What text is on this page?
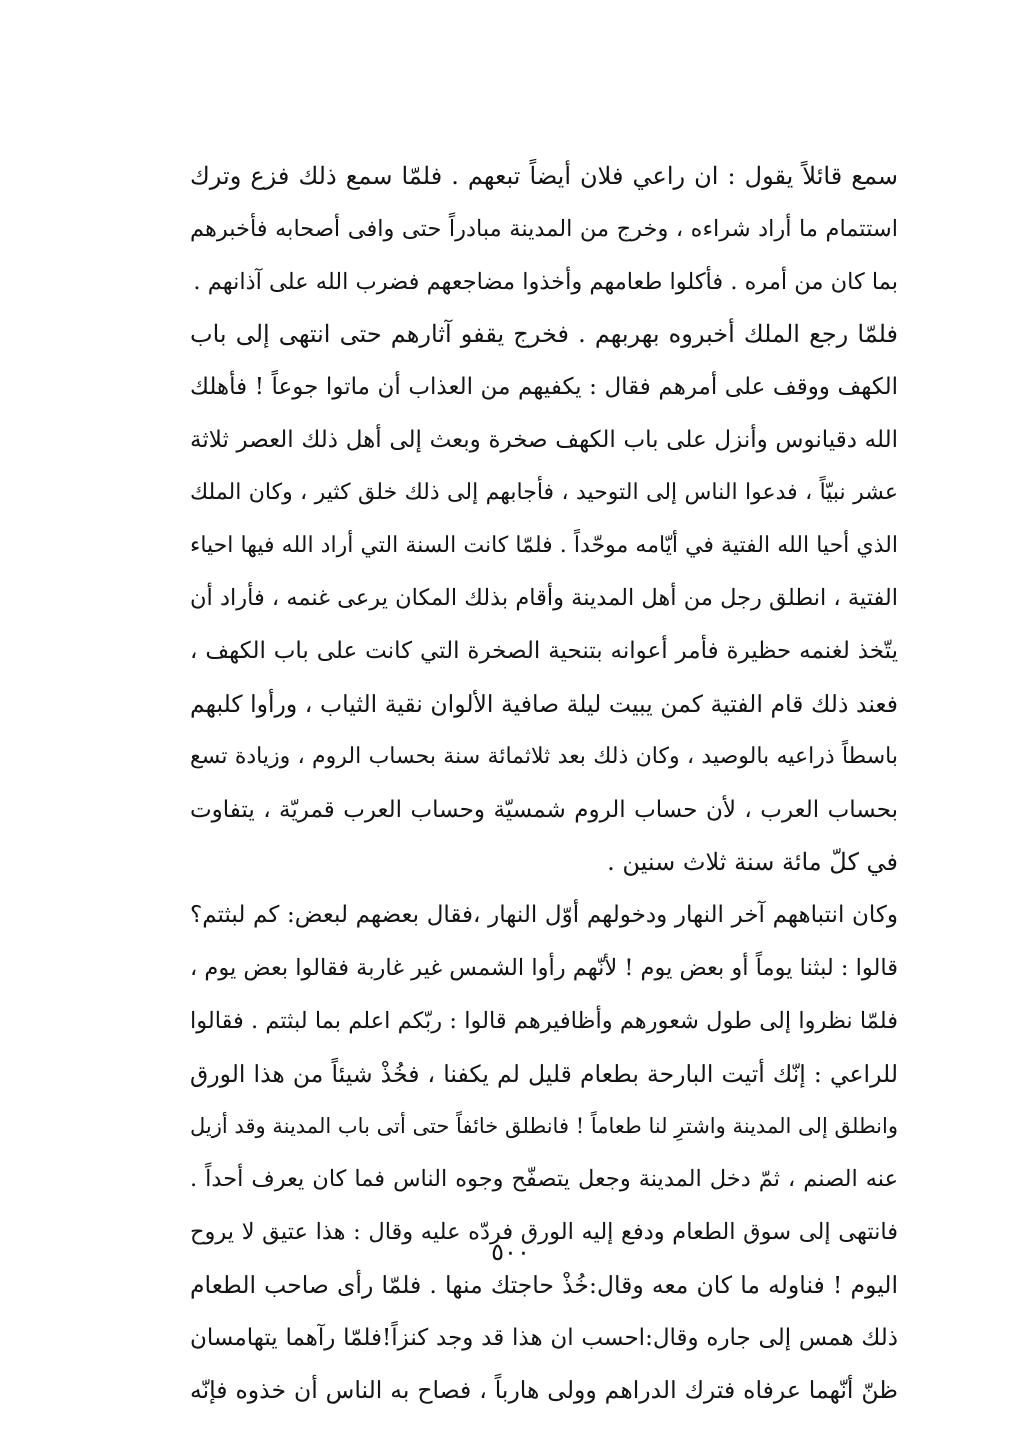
سمع قائلاً يقول : ان راعي فلان أيضاً تبعهم . فلمّا سمع ذلك فزع وترك
استتمام ما أراد شراءه ، وخرج من المدينة مبادراً حتى وافى أصحابه فأخبرهم
بما كان من أمره . فأكلوا طعامهم وأخذوا مضاجعهم فضرب الله على آذانهم .
فلمّا رجع الملك أخبروه بهربهم . فخرج يقفو آثارهم حتى انتهى إلى باب
الكهف ووقف على أمرهم فقال : يكفيهم من العذاب أن ماتوا جوعاً ! فأهلك
الله دقيانوس وأنزل على باب الكهف صخرة وبعث إلى أهل ذلك العصر ثلاثة
عشر نبيّاً ، فدعوا الناس إلى التوحيد ، فأجابهم إلى ذلك خلق كثير ، وكان الملك
الذي أحيا الله الفتية في أيّامه موحّداً . فلمّا كانت السنة التي أراد الله فيها احياء
الفتية ، انطلق رجل من أهل المدينة وأقام بذلك المكان يرعى غنمه ، فأراد أن
يتّخذ لغنمه حظيرة فأمر أعوانه بتنحية الصخرة التي كانت على باب الكهف ،
فعند ذلك قام الفتية كمن يبيت ليلة صافية الألوان نقية الثياب ، ورأوا كلبهم
باسطاً ذراعيه بالوصيد ، وكان ذلك بعد ثلاثمائة سنة بحساب الروم ، وزيادة تسع
بحساب العرب ، لأن حساب الروم شمسيّة وحساب العرب قمريّة ، يتفاوت
في كلّ مائة سنة ثلاث سنين .
وكان انتباههم آخر النهار ودخولهم أوّل النهار ،فقال بعضهم لبعض: كم لبثتم؟
قالوا : لبثنا يوماً أو بعض يوم ! لأنّهم رأوا الشمس غير غاربة فقالوا بعض يوم ،
فلمّا نظروا إلى طول شعورهم وأظافيرهم قالوا : ربّكم اعلم بما لبثتم . فقالوا
للراعي : إنّك أتيت البارحة بطعام قليل لم يكفنا ، فخُذْ شيئاً من هذا الورق
وانطلق إلى المدينة واشترِ لنا طعاماً ! فانطلق خائفاً حتى أتى باب المدينة وقد أزيل
عنه الصنم ، ثمّ دخل المدينة وجعل يتصفّح وجوه الناس فما كان يعرف أحداً .
فانتهى إلى سوق الطعام ودفع إليه الورق فردّه عليه وقال : هذا عتيق لا يروح
اليوم ! فناوله ما كان معه وقال:خُذْ حاجتك منها . فلمّا رأى صاحب الطعام
ذلك همس إلى جاره وقال:احسب ان هذا قد وجد كنزاً!فلمّا رآهما يتهامسان
ظنّ أنّهما عرفاه فترك الدراهم وولى هارباً ، فصاح به الناس أن خذوه فإنّه
٥٠٠
